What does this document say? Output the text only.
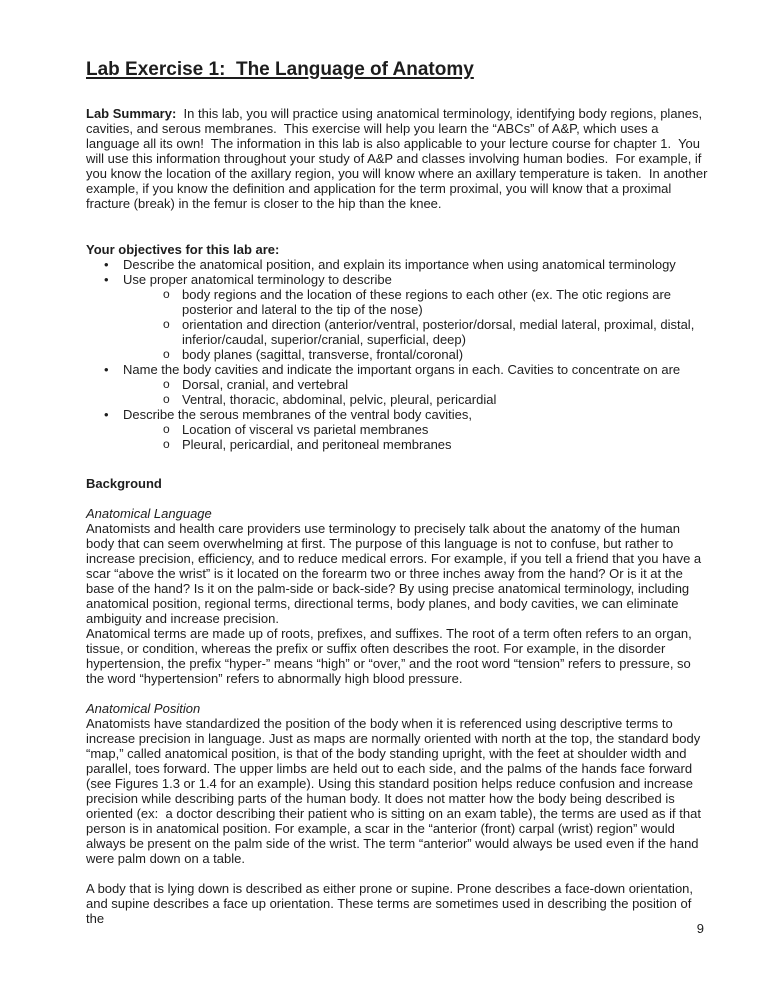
Lab Exercise 1:  The Language of Anatomy

Lab Summary:  In this lab, you will practice using anatomical terminology, identifying body regions, planes, cavities, and serous membranes.  This exercise will help you learn the “ABCs” of A&P, which uses a language all its own!  The information in this lab is also applicable to your lecture course for chapter 1.  You will use this information throughout your study of A&P and classes involving human bodies.  For example, if you know the location of the axillary region, you will know where an axillary temperature is taken.  In another example, if you know the definition and application for the term proximal, you will know that a proximal fracture (break) in the femur is closer to the hip than the knee.

Your objectives for this lab are:

•	Describe the anatomical position, and explain its importance when using anatomical terminology
•	Use proper anatomical terminology to describe
o body regions and the location of these regions to each other (ex. The otic regions are posterior and lateral to the tip of the nose)
o orientation and direction (anterior/ventral, posterior/dorsal, medial lateral, proximal, distal, inferior/caudal, superior/cranial, superficial, deep)
o body planes (sagittal, transverse, frontal/coronal)
•	Name the body cavities and indicate the important organs in each. Cavities to concentrate on are
o Dorsal, cranial, and vertebral
o Ventral, thoracic, abdominal, pelvic, pleural, pericardial
•	Describe the serous membranes of the ventral body cavities,
o Location of visceral vs parietal membranes
o Pleural, pericardial, and peritoneal membranes

Background

Anatomical Language

Anatomists and health care providers use terminology to precisely talk about the anatomy of the human body that can seem overwhelming at first. The purpose of this language is not to confuse, but rather to increase precision, efficiency, and to reduce medical errors. For example, if you tell a friend that you have a scar “above the wrist” is it located on the forearm two or three inches away from the hand? Or is it at the base of the hand? Is it on the palm-side or back-side? By using precise anatomical terminology, including anatomical position, regional terms, directional terms, body planes, and body cavities, we can eliminate ambiguity and increase precision.

Anatomical terms are made up of roots, prefixes, and suffixes. The root of a term often refers to an organ, tissue, or condition, whereas the prefix or suffix often describes the root. For example, in the disorder hypertension, the prefix “hyper-” means “high” or “over,” and the root word “tension” refers to pressure, so the word “hypertension” refers to abnormally high blood pressure.

Anatomical Position

Anatomists have standardized the position of the body when it is referenced using descriptive terms to increase precision in language. Just as maps are normally oriented with north at the top, the standard body “map,” called anatomical position, is that of the body standing upright, with the feet at shoulder width and parallel, toes forward. The upper limbs are held out to each side, and the palms of the hands face forward (see Figures 1.3 or 1.4 for an example). Using this standard position helps reduce confusion and increase precision while describing parts of the human body. It does not matter how the body being described is oriented (ex:  a doctor describing their patient who is sitting on an exam table), the terms are used as if that person is in anatomical position. For example, a scar in the “anterior (front) carpal (wrist) region” would always be present on the palm side of the wrist. The term “anterior” would always be used even if the hand were palm down on a table.

A body that is lying down is described as either prone or supine. Prone describes a face-down orientation, and supine describes a face up orientation. These terms are sometimes used in describing the position of the

9
